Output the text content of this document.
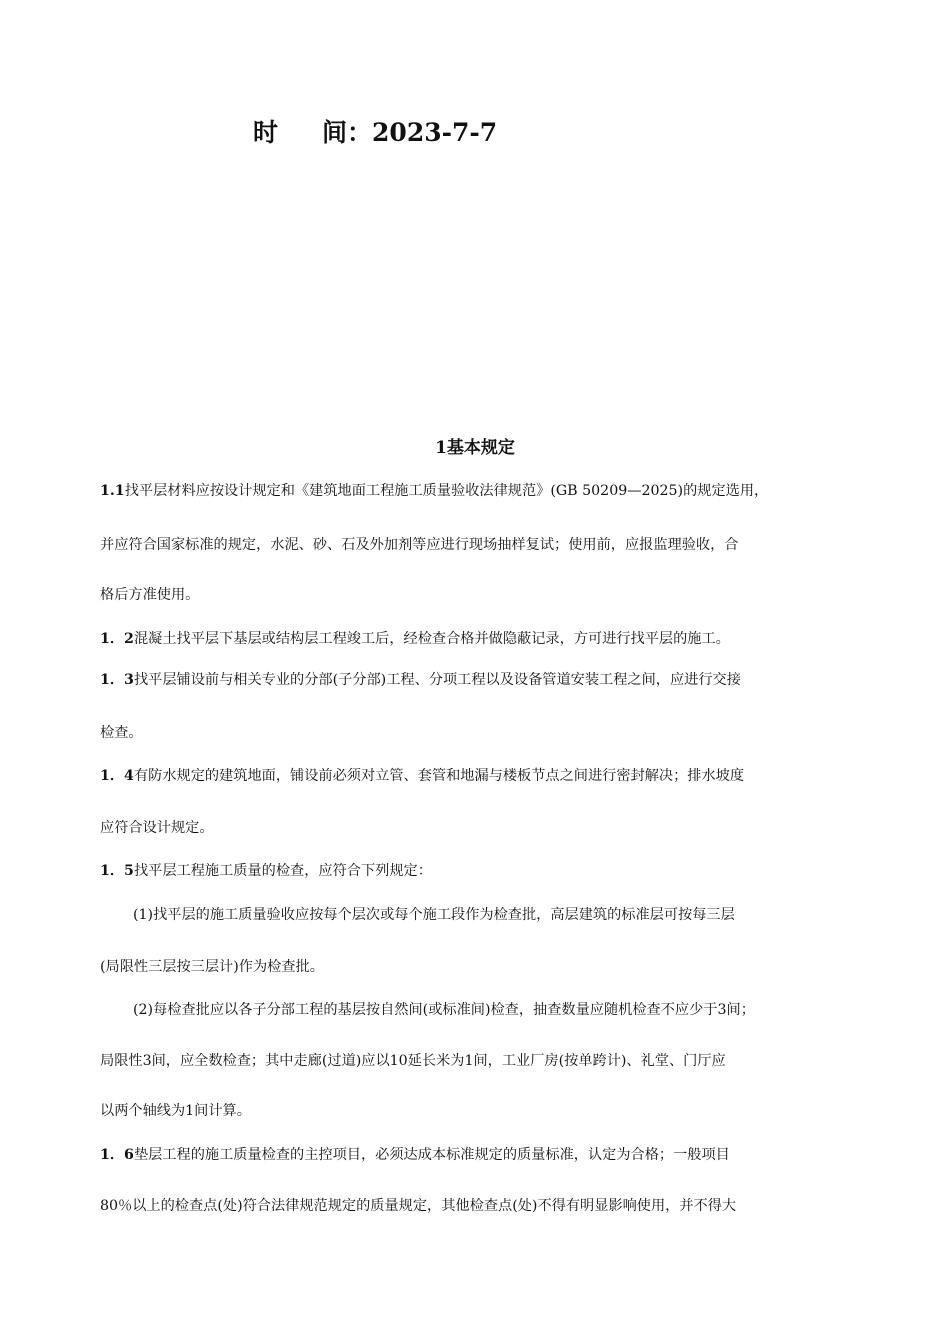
时 间：2023-7-7
1基本规定
1.1找平层材料应按设计规定和《建筑地面工程施工质量验收法律规范》(GB 50209—2025)的规定选用，
并应符合国家标准的规定，水泥、砂、石及外加剂等应进行现场抽样复试；使用前，应报监理验收，合
格后方准使用。
1．2混凝土找平层下基层或结构层工程竣工后，经检查合格并做隐蔽记录，方可进行找平层的施工。
1．3找平层铺设前与相关专业的分部(子分部)工程、分项工程以及设备管道安装工程之间，应进行交接
检查。
1．4有防水规定的建筑地面，铺设前必须对立管、套管和地漏与楼板节点之间进行密封解决；排水坡度
应符合设计规定。
1．5找平层工程施工质量的检查，应符合下列规定：
(1)找平层的施工质量验收应按每个层次或每个施工段作为检查批，高层建筑的标准层可按每三层
(局限性三层按三层计)作为检查批。
(2)每检查批应以各子分部工程的基层按自然间(或标准间)检查，抽查数量应随机检查不应少于3间；
局限性3间，应全数检查；其中走廊(过道)应以10延长米为1间，工业厂房(按单跨计)、礼堂、门厅应
以两个轴线为1间计算。
1．6垫层工程的施工质量检查的主控项目，必须达成本标准规定的质量标准，认定为合格；一般项目
80％以上的检查点(处)符合法律规范规定的质量规定，其他检查点(处)不得有明显影响使用，并不得大
